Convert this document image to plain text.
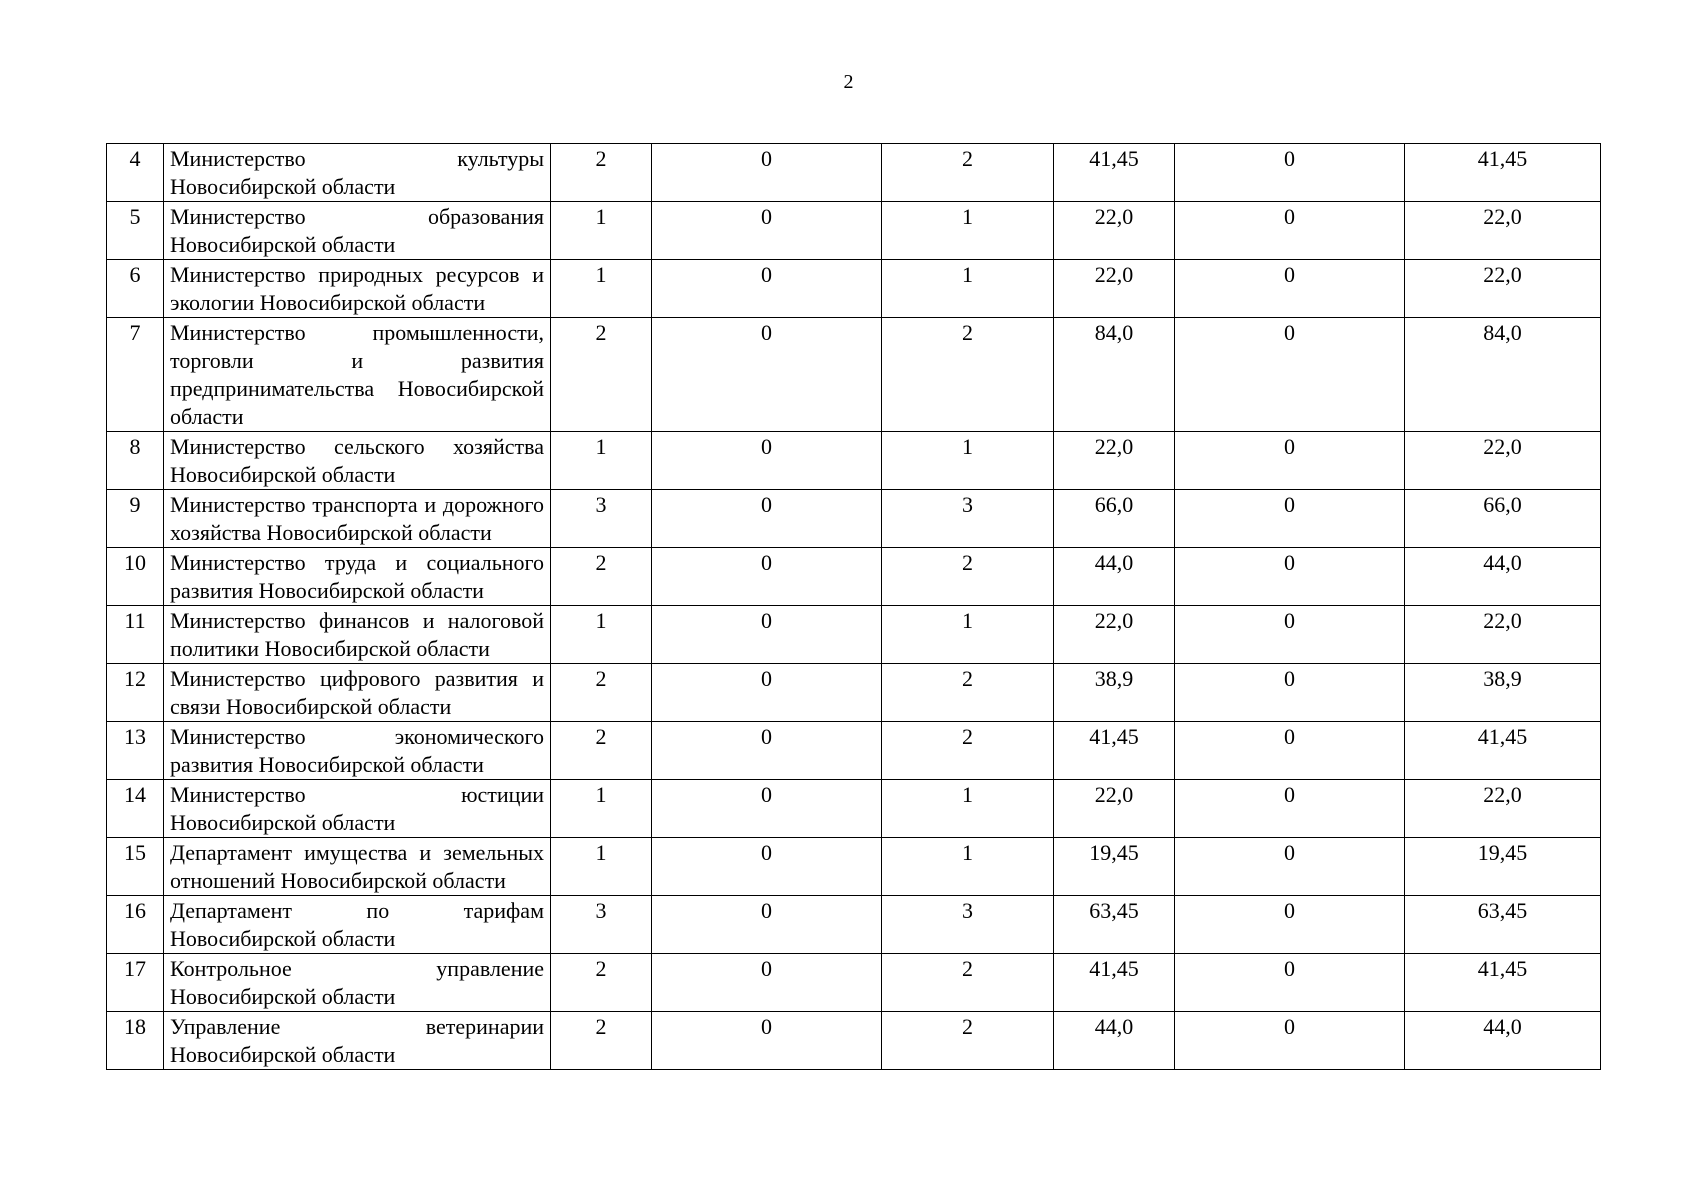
2
4	Министерство культуры Новосибирской области	2	0	2	41,45	0	41,45
5	Министерство образования Новосибирской области	1	0	1	22,0	0	22,0
6	Министерство природных ресурсов и экологии Новосибирской области	1	0	1	22,0	0	22,0
7	Министерство промышленности, торговли и развития предпринимательства Новосибирской области	2	0	2	84,0	0	84,0
8	Министерство сельского хозяйства Новосибирской области	1	0	1	22,0	0	22,0
9	Министерство транспорта и дорожного хозяйства Новосибирской области	3	0	3	66,0	0	66,0
10	Министерство труда и социального развития Новосибирской области	2	0	2	44,0	0	44,0
11	Министерство финансов и налоговой политики Новосибирской области	1	0	1	22,0	0	22,0
12	Министерство цифрового развития и связи Новосибирской области	2	0	2	38,9	0	38,9
13	Министерство экономического развития Новосибирской области	2	0	2	41,45	0	41,45
14	Министерство юстиции Новосибирской области	1	0	1	22,0	0	22,0
15	Департамент имущества и земельных отношений Новосибирской области	1	0	1	19,45	0	19,45
16	Департамент по тарифам Новосибирской области	3	0	3	63,45	0	63,45
17	Контрольное управление Новосибирской области	2	0	2	41,45	0	41,45
18	Управление ветеринарии Новосибирской области	2	0	2	44,0	0	44,0
